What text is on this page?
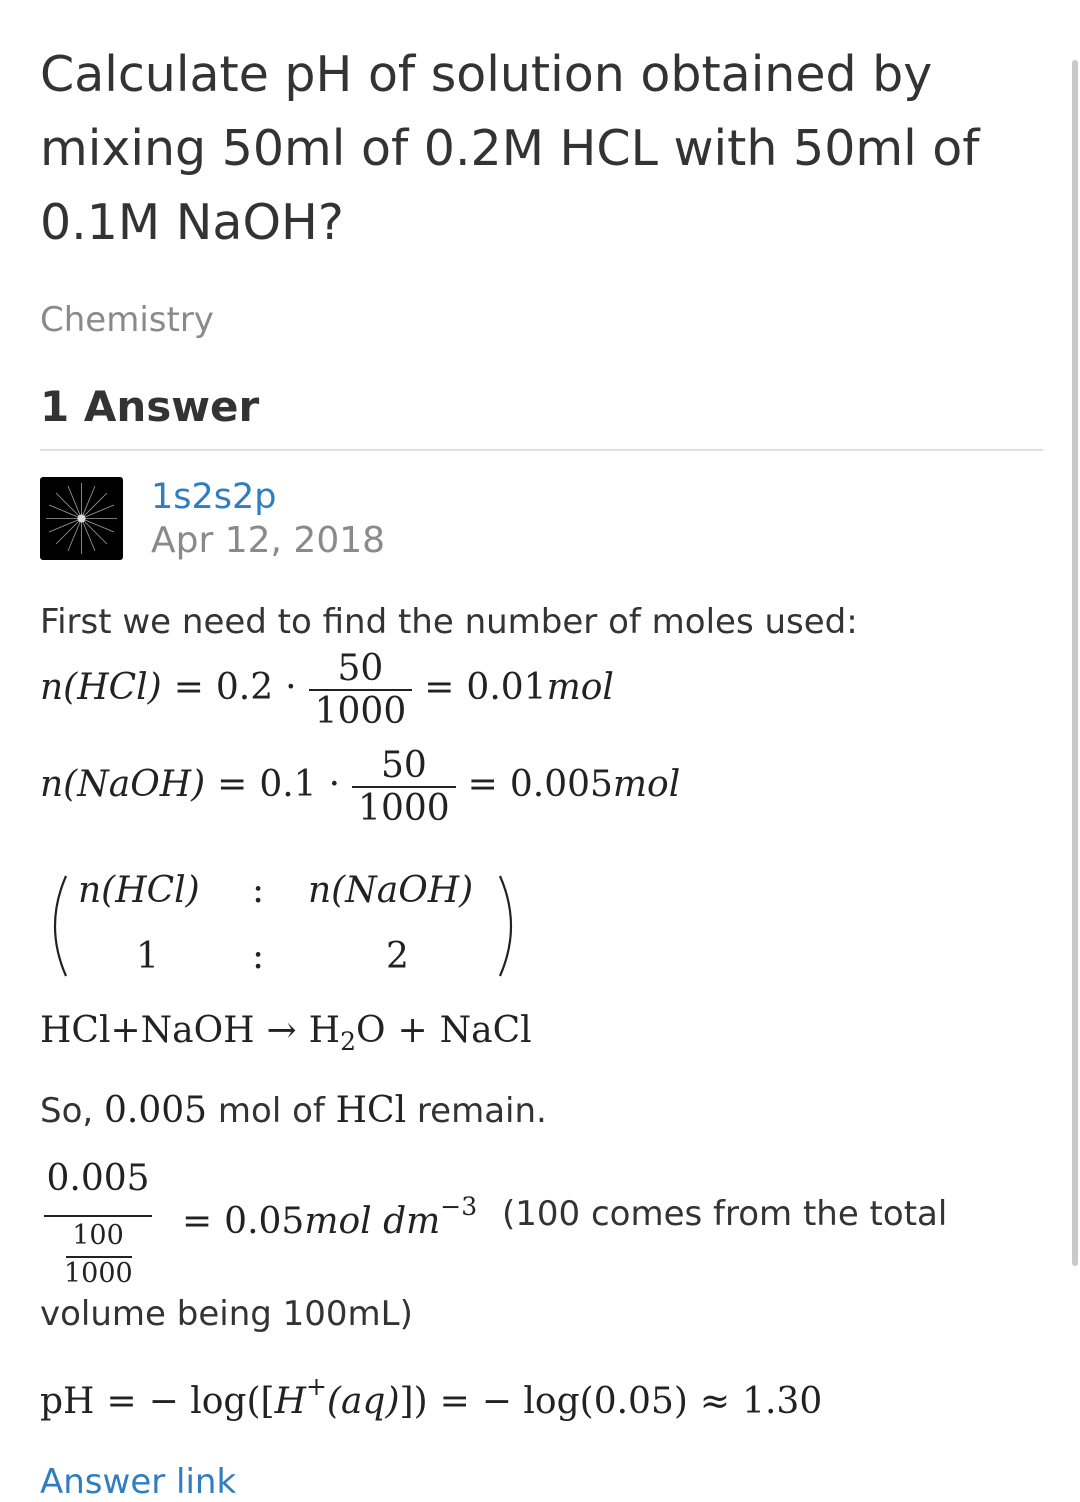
Calculate pH of solution obtained by mixing 50ml of 0.2M HCL with 50ml of 0.1M NaOH?
Chemistry
1 Answer
1s2s2p
Apr 12, 2018
First we need to find the number of moles used:
$n(HCl) = 0.2 \cdot \frac{50}{1000} = 0.01mol$
n(NaOH) = $0.1 \cdot \frac{50}{1000} = 0.005mol$
n(HCl) : n(NaOH)
1	:	2
HCl+NaOH → $H_2O$ + NaCl
So, 0.005 mol of HCl remain.
0.005
100
1000
= 0.05mol $dm^{-3}$ (100 comes from the total
volume being 100mL)
pH = − log([H+(aq)]) = − log(0.05) ≈ 1.30
Answer link
